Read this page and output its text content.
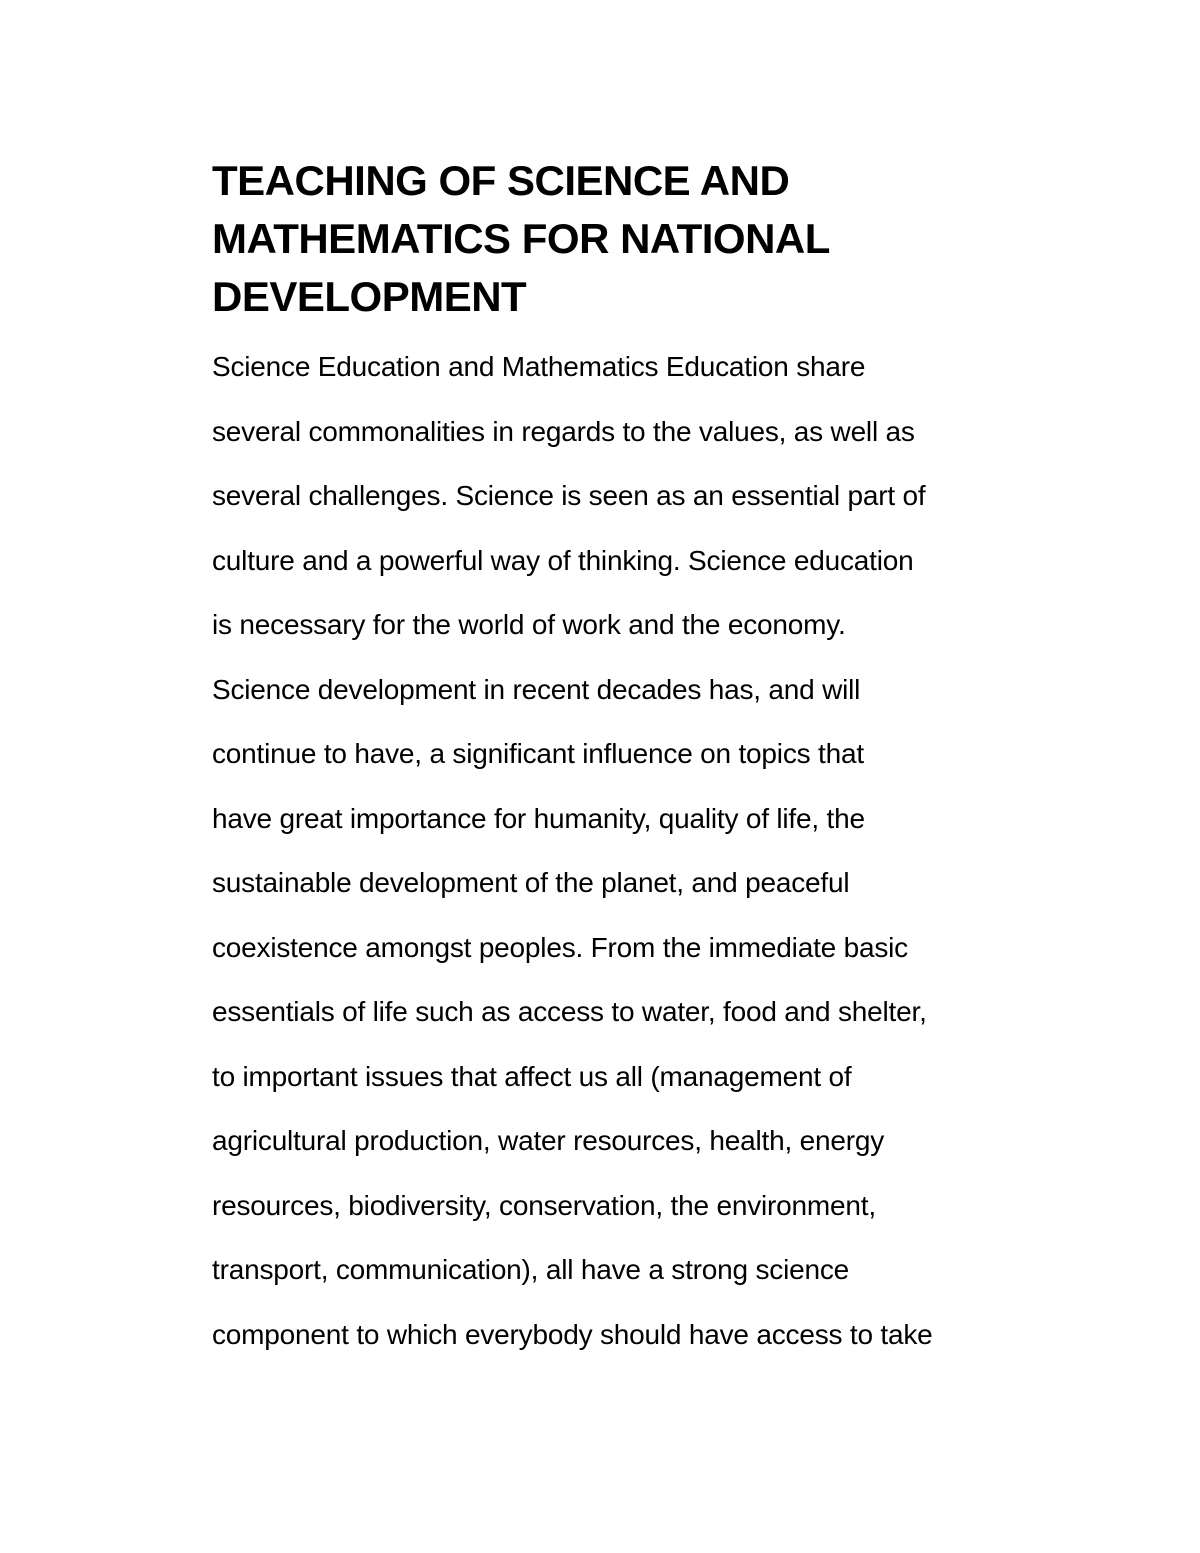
TEACHING OF SCIENCE AND
MATHEMATICS FOR NATIONAL
DEVELOPMENT
Science Education and Mathematics Education share
several commonalities in regards to the values, as well as
several challenges. Science is seen as an essential part of
culture and a powerful way of thinking. Science education
is necessary for the world of work and the economy.
Science development in recent decades has, and will
continue to have, a significant influence on topics that
have great importance for humanity, quality of life, the
sustainable development of the planet, and peaceful
coexistence amongst peoples. From the immediate basic
essentials of life such as access to water, food and shelter,
to important issues that affect us all (management of
agricultural production, water resources, health, energy
resources, biodiversity, conservation, the environment,
transport, communication), all have a strong science
component to which everybody should have access to take
